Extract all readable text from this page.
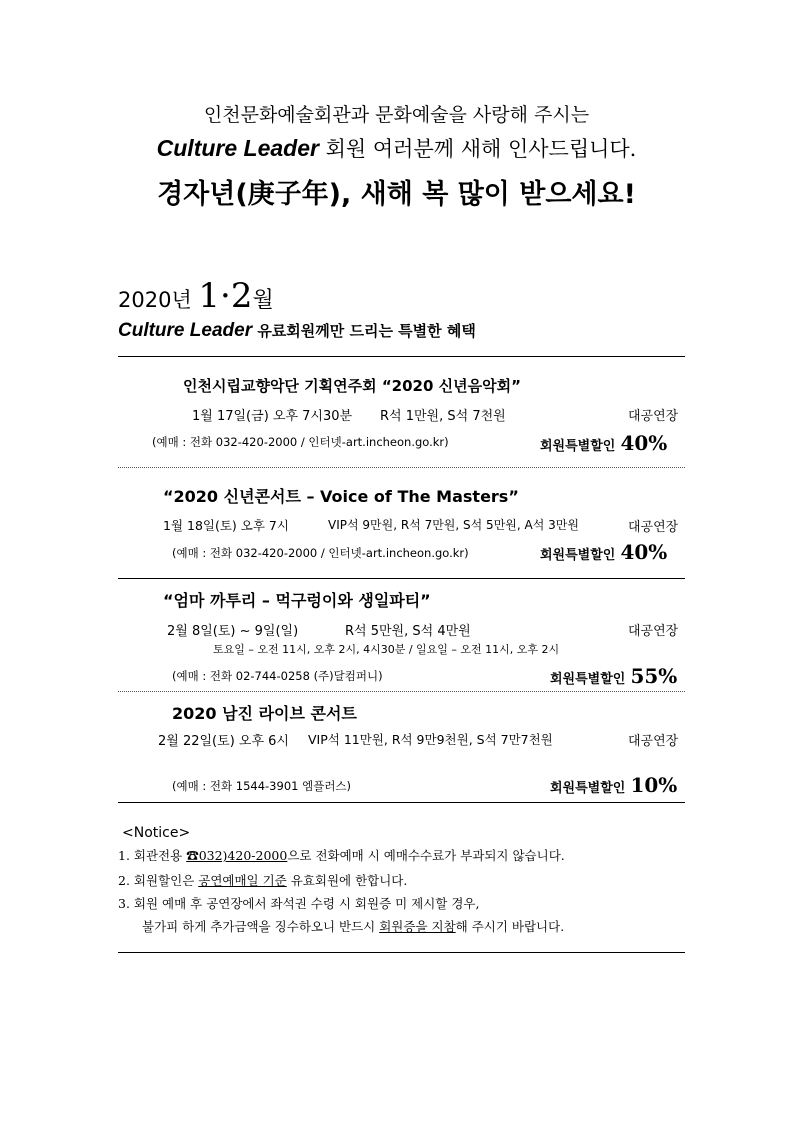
인천문화예술회관과 문화예술을 사랑해 주시는
Culture Leader 회원 여러분께 새해 인사드립니다.
경자년(庚子年), 새해 복 많이 받으세요!
2020년 1·2월
Culture Leader 유료회원께만 드리는 특별한 혜택
인천시립교향악단 기획연주회 “2020 신년음악회”
1월 17일(금) 오후 7시30분 R석 1만원, S석 7천원	대공연장
(예매 : 전화 032-420-2000 / 인터넷-art.incheon.go.kr)	회원특별할인 40%
“2020 신년콘서트 – Voice of The Masters”
1월 18일(토) 오후 7시	VIP석 9만원, R석 7만원, S석 5만원, A석 3만원	대공연장
(예매 : 전화 032-420-2000 / 인터넷-art.incheon.go.kr)	회원특별할인 40%
“엄마 까투리 – 먹구렁이와 생일파티”
2월 8일(토) ~ 9일(일)	R석 5만원, S석 4만원	대공연장
토요일 – 오전 11시, 오후 2시, 4시30분 / 일요일 – 오전 11시, 오후 2시
(예매 : 전화 02-744-0258 (주)달컴퍼니)	회원특별할인 55%
2020 남진 라이브 콘서트
2월 22일(토) 오후 6시 VIP석 11만원, R석 9만9천원, S석 7만7천원	대공연장
(예매 : 전화 1544-3901 엠플러스)	회원특별할인 10%
<Notice>
1. 회관전용 ☎032)420-2000으로 전화예매 시 예매수수료가 부과되지 않습니다.
2. 회원할인은 공연예매일 기준 유효회원에 한합니다.
3. 회원 예매 후 공연장에서 좌석권 수령 시 회원증 미 제시할 경우,
불가피 하게 추가금액을 징수하오니 반드시 회원증을 지참해 주시기 바랍니다.
